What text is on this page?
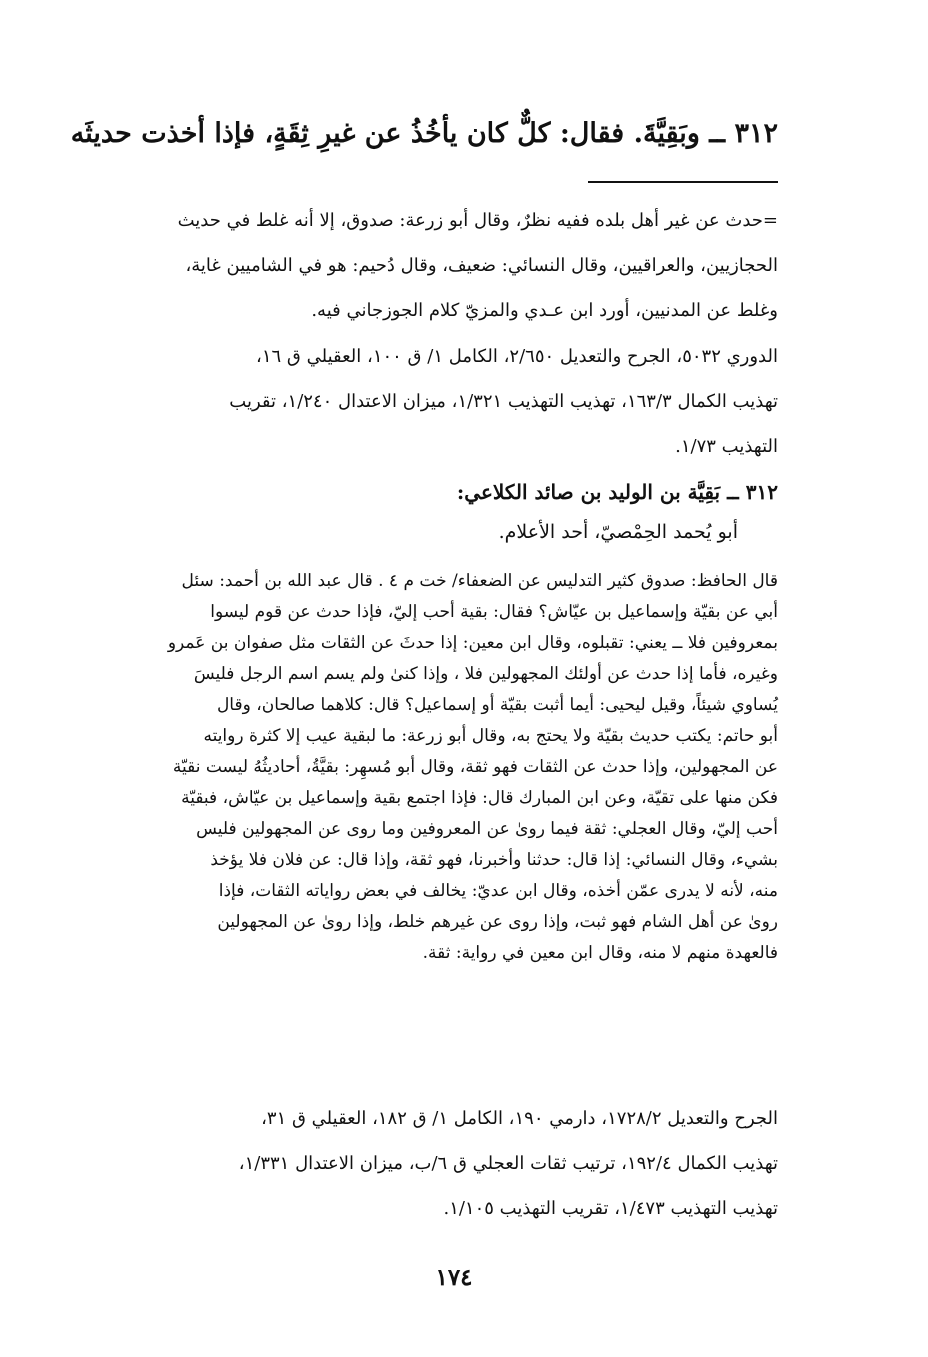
٣١٢ ــ وبَقِيَّةَ. فقال: كلٌّ كان يأخُذُ عن غيرِ ثِقَةٍ، فإذا أخذت حديثَه
=حدث عن غير أهل بلده ففيه نظرٌ، وقال أبو زرعة: صدوق، إلا أنه غلط في حديث
الحجازيين، والعراقيين، وقال النسائي: ضعيف، وقال دُحيم: هو في الشاميين غاية،
وغلط عن المدنيين، أورد ابن عـدي والمزيّ كلام الجوزجاني فيه.
الدوري ٥٠٣٢، الجرح والتعديل ٢/٦٥٠، الكامل ١/ ق ١٠٠، العقيلي ق ١٦،
تهذيب الكمال ١٦٣/٣، تهذيب التهذيب ١/٣٢١، ميزان الاعتدال ١/٢٤٠، تقريب
التهذيب ١/٧٣.
٣١٢ ــ بَقِيَّة بن الوليد بن صائد الكلاعي:
أبو يُحمد الحِمْصيّ، أحد الأعلام.
قال الحافظ: صدوق كثير التدليس عن الضعفاء/ خت م ٤ . قال عبد الله بن أحمد: سئل
أبي عن بقيّة وإسماعيل بن عيّاش؟ فقال: بقية أحب إليّ، فإذا حدث عن قوم ليسوا
بمعروفين فلا ــ يعني: تقبلوه، وقال ابن معين: إذا حدثَ عن الثقات مثل صفوان بن عَمرو
وغيره، فأما إذا حدث عن أولئك المجهولين فلا ، وإذا كنىٰ ولم يسم اسم الرجل فليسَ
يُساوي شيئاً، وقيل ليحيى: أيما أثبت بقيّة أو إسماعيل؟ قال: كلاهما صالحان، وقال
أبو حاتم: يكتب حديث بقيّة ولا يحتج به، وقال أبو زرعة: ما لبقية عيب إلا كثرة روايته
عن المجهولين، وإذا حدث عن الثقات فهو ثقة، وقال أبو مُسهِر: بقيَّةُ، أحاديثُهُ ليست نقيّة
فكن منها على تقيّة، وعن ابن المبارك قال: فإذا اجتمع بقية وإسماعيل بن عيّاش، فبقيّة
أحب إليّ، وقال العجلي: ثقة فيما روىٰ عن المعروفين وما روى عن المجهولين فليس
بشيء، وقال النسائي: إذا قال: حدثنا وأخبرنا، فهو ثقة، وإذا قال: عن فلان فلا يؤخذ
منه، لأنه لا يدرى عمّن أخذه، وقال ابن عديّ: يخالف في بعض رواياته الثقات، فإذا
روىٰ عن أهل الشام فهو ثبت، وإذا روى عن غيرهم خلط، وإذا روىٰ عن المجهولين
فالعهدة منهم لا منه، وقال ابن معين في رواية: ثقة.
الجرح والتعديل ١٧٢٨/٢، دارمي ١٩٠، الكامل ١/ ق ١٨٢، العقيلي ق ٣١،
تهذيب الكمال ١٩٢/٤، ترتيب ثقات العجلي ق ٦/ب، ميزان الاعتدال ١/٣٣١،
تهذيب التهذيب ١/٤٧٣، تقريب التهذيب ١/١٠٥.
١٧٤
